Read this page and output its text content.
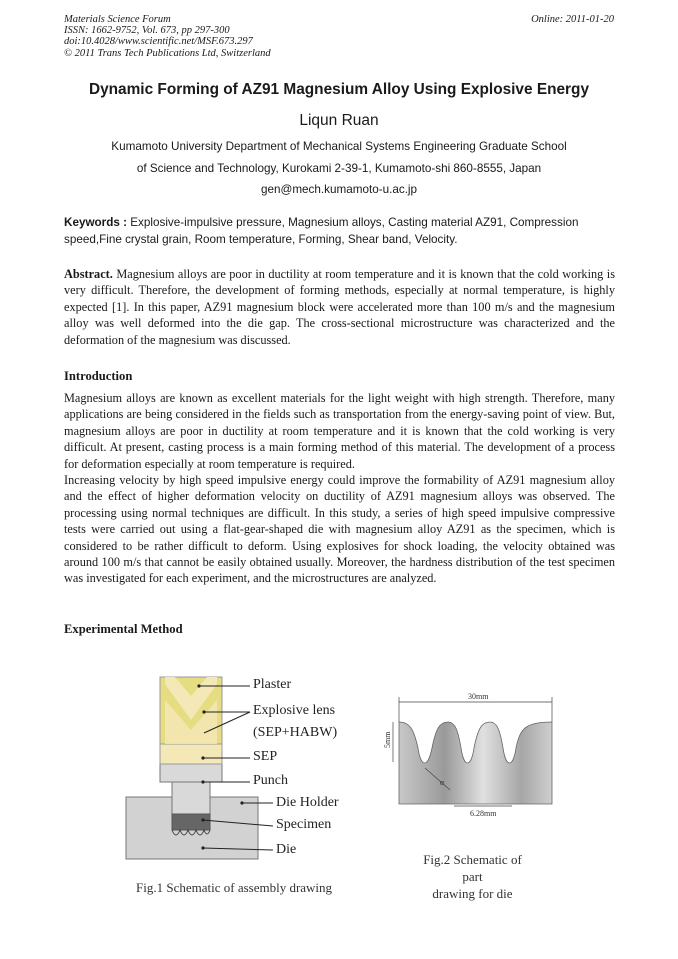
Materials Science Forum
ISSN: 1662-9752, Vol. 673, pp 297-300
doi:10.4028/www.scientific.net/MSF.673.297
© 2011 Trans Tech Publications Ltd, Switzerland
Online: 2011-01-20
Dynamic Forming of AZ91 Magnesium Alloy Using Explosive Energy
Liqun Ruan
Kumamoto University Department of Mechanical Systems Engineering Graduate School
of Science and Technology, Kurokami 2-39-1, Kumamoto-shi 860-8555, Japan
gen@mech.kumamoto-u.ac.jp
Keywords : Explosive-impulsive pressure, Magnesium alloys, Casting material AZ91, Compression speed,Fine crystal grain, Room temperature, Forming, Shear band, Velocity.
Abstract. Magnesium alloys are poor in ductility at room temperature and it is known that the cold working is very difficult. Therefore, the development of forming methods, especially at normal temperature, is highly expected [1]. In this paper, AZ91 magnesium block were accelerated more than 100 m/s and the magnesium alloy was well deformed into the die gap. The cross-sectional microstructure was characterized and the deformation of the magnesium was discussed.
Introduction

Magnesium alloys are known as excellent materials for the light weight with high strength. Therefore, many applications are being considered in the fields such as transportation from the energy-saving point of view. But, magnesium alloys are poor in ductility at room temperature and it is known that the cold working is very difficult. At present, casting process is a main forming method of this material. The development of a process for deformation especially at room temperature is required.

Increasing velocity by high speed impulsive energy could improve the formability of AZ91 magnesium alloy and the effect of higher deformation velocity on ductility of AZ91 magnesium alloys was observed. The processing using normal techniques are difficult. In this study, a series of high speed impulsive compressive tests were carried out using a flat-gear-shaped die with magnesium alloy AZ91 as the specimen, which is considered to be rather difficult to deform. Using explosives for shock loading, the velocity obtained was around 100 m/s that cannot be easily obtained usually. Moreover, the hardness distribution of the test specimen was investigated for each experiment, and the microstructures are analyzed.

Experimental Method
Plaster
Explosive lens
(SEP+HABW)
SEP
Punch
Die Holder
Specimen
Die
Fig.1 Schematic of assembly drawing
30mm
5mm
α
6.28mm
Fig.2 Schematic of part
drawing for die
